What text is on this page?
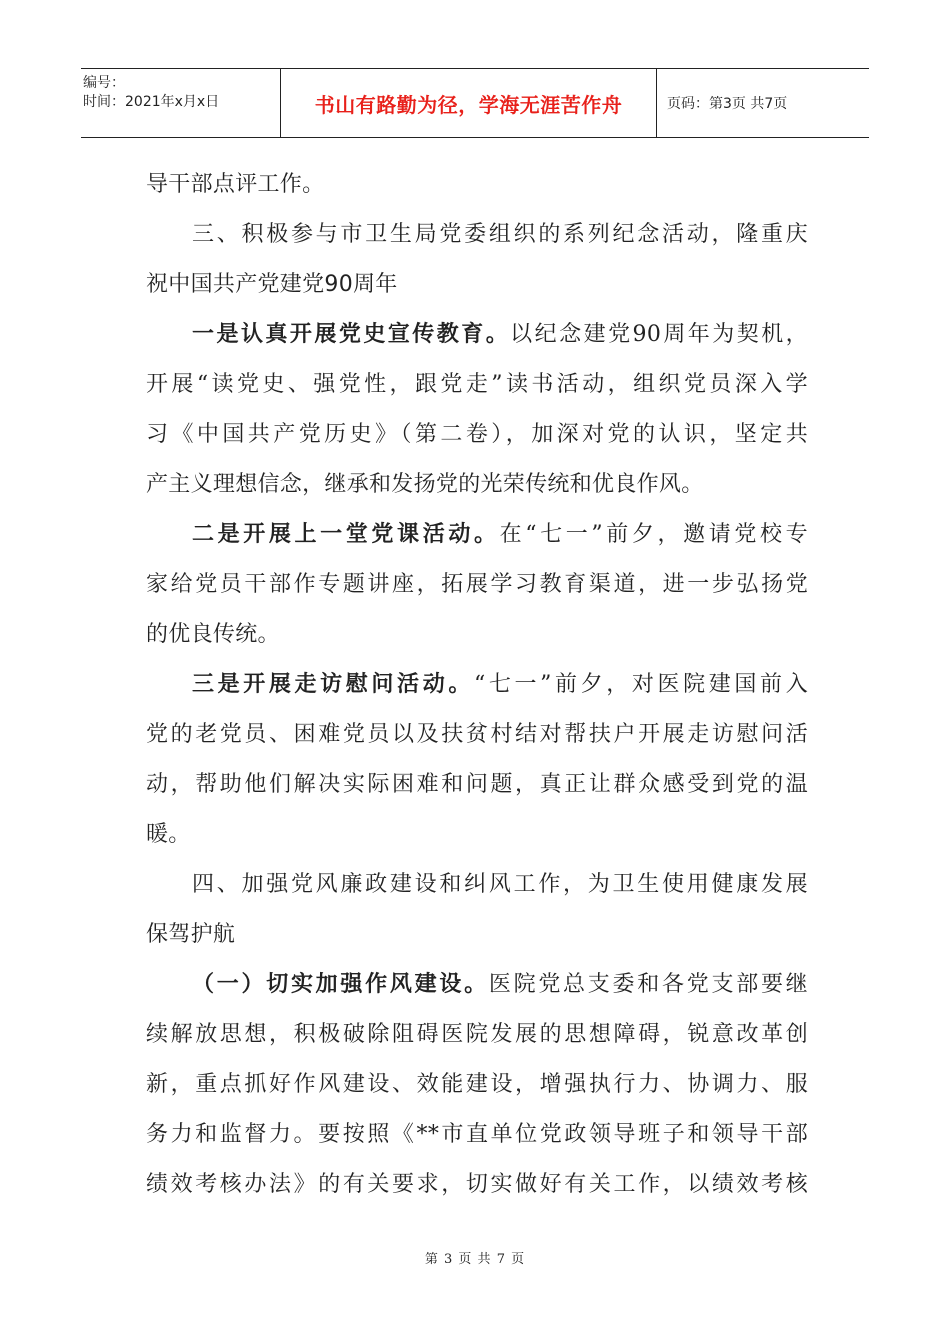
编号：
时间：2021年x月x日	书山有路勤为径，学海无涯苦作舟	页码：第3页 共7页
导干部点评工作。
三、积极参与市卫生局党委组织的系列纪念活动，隆重庆
祝中国共产党建党90周年
一是认真开展党史宣传教育。以纪念建党90周年为契机，
开展“读党史、强党性，跟党走”读书活动，组织党员深入学
习《中国共产党历史》（第二卷），加深对党的认识，坚定共
产主义理想信念，继承和发扬党的光荣传统和优良作风。
二是开展上一堂党课活动。在“七一”前夕，邀请党校专
家给党员干部作专题讲座，拓展学习教育渠道，进一步弘扬党
的优良传统。
三是开展走访慰问活动。“七一”前夕，对医院建国前入
党的老党员、困难党员以及扶贫村结对帮扶户开展走访慰问活
动，帮助他们解决实际困难和问题，真正让群众感受到党的温
暖。
四、加强党风廉政建设和纠风工作，为卫生使用健康发展
保驾护航
（一）切实加强作风建设。医院党总支委和各党支部要继
续解放思想，积极破除阻碍医院发展的思想障碍，锐意改革创
新，重点抓好作风建设、效能建设，增强执行力、协调力、服
务力和监督力。要按照《**市直单位党政领导班子和领导干部
绩效考核办法》的有关要求，切实做好有关工作，以绩效考核
第 3 页 共 7 页
